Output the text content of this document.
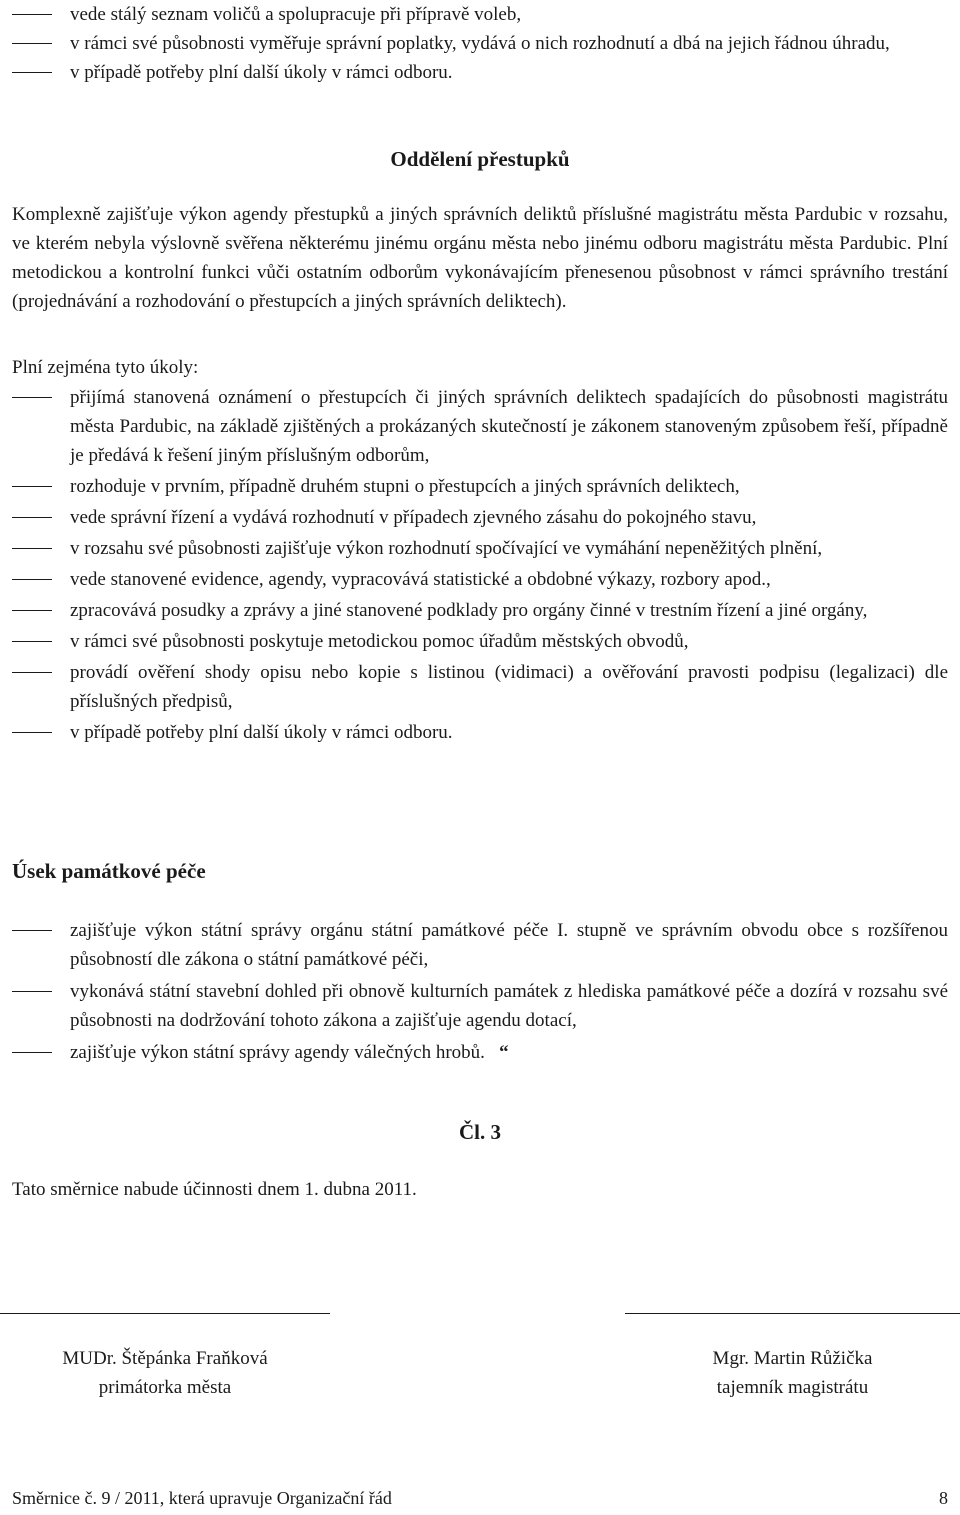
vede stálý seznam voličů a spolupracuje při přípravě voleb,
v rámci své působnosti vyměřuje správní poplatky, vydává o nich rozhodnutí a dbá na jejich řádnou úhradu,
v případě potřeby plní další úkoly v rámci odboru.
Oddělení přestupků

Komplexně zajišťuje výkon agendy přestupků a jiných správních deliktů příslušné magistrátu města Pardubic v rozsahu, ve kterém nebyla výslovně svěřena některému jinému orgánu města nebo jinému odboru magistrátu města Pardubic. Plní metodickou a kontrolní funkci vůči ostatním odborům vykonávajícím přenesenou působnost v rámci správního trestání (projednávání a rozhodování o přestupcích a jiných správních deliktech).

Plní zejména tyto úkoly:

přijímá stanovená oznámení o přestupcích či jiných správních deliktech spadajících do působnosti magistrátu města Pardubic, na základě zjištěných a prokázaných skutečností je zákonem stanoveným způsobem řeší, případně je předává k řešení jiným příslušným odborům,
rozhoduje v prvním, případně druhém stupni o přestupcích a jiných správních deliktech,
vede správní řízení a vydává rozhodnutí v případech zjevného zásahu do pokojného stavu,
v rozsahu své působnosti zajišťuje výkon rozhodnutí spočívající ve vymáhání nepeněžitých plnění,
vede stanovené evidence, agendy, vypracovává statistické a obdobné výkazy, rozbory apod.,
zpracovává posudky a zprávy a jiné stanovené podklady pro orgány činné v trestním řízení a jiné orgány,
v rámci své působnosti poskytuje metodickou pomoc úřadům městských obvodů,
provádí ověření shody opisu nebo kopie s listinou (vidimaci) a ověřování pravosti podpisu (legalizaci) dle příslušných předpisů,
v případě potřeby plní další úkoly v rámci odboru.
Úsek památkové péče
zajišťuje výkon státní správy orgánu státní památkové péče I. stupně ve správním obvodu obce s rozšířenou působností dle zákona o státní památkové péči,
vykonává státní stavební dohled při obnově kulturních památek z hlediska památkové péče a dozírá v rozsahu své působnosti na dodržování tohoto zákona a zajišťuje agendu dotací,
zajišťuje výkon státní správy agendy válečných hrobů. “
Čl. 3

Tato směrnice nabude účinnosti dnem 1. dubna 2011.

MUDr. Štěpánka Fraňková
primátorka města
Mgr. Martin Růžička
tajemník magistrátu
Směrnice č. 9 / 2011, která upravuje Organizační řád	8
